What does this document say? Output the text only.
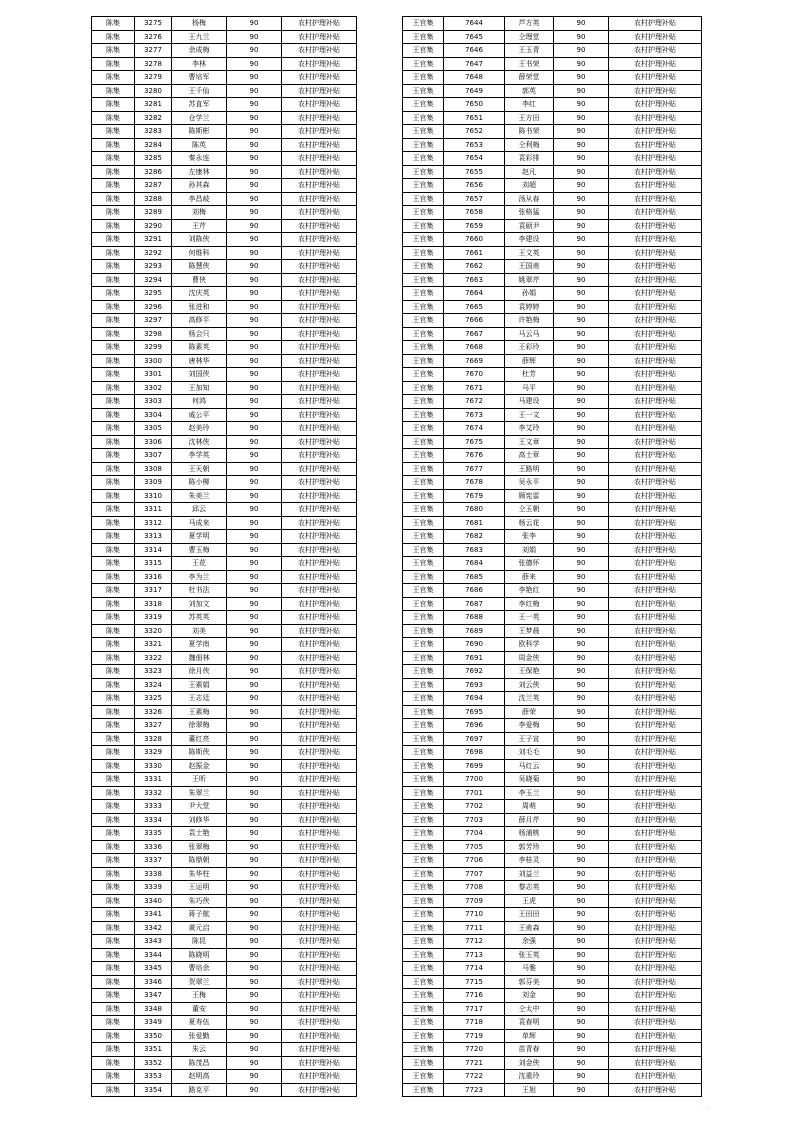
陈集	3275	杨梅	90	农村护理补贴
陈集	3276	王九兰	90	农村护理补贴
陈集	3277	余成梅	90	农村护理补贴
陈集	3278	李林	90	农村护理补贴
陈集	3279	曹培军	90	农村护理补贴
陈集	3280	王千仙	90	农村护理补贴
陈集	3281	苏直军	90	农村护理补贴
陈集	3282	仓学兰	90	农村护理补贴
陈集	3283	陈斯彬	90	农村护理补贴
陈集	3284	陈英	90	农村护理补贴
陈集	3285	秦永连	90	农村护理补贴
陈集	3286	左康林	90	农村护理补贴
陈集	3287	孙其森	90	农村护理补贴
陈集	3288	李昌岐	90	农村护理补贴
陈集	3289	刘梅	90	农村护理补贴
陈集	3290	王芹	90	农村护理补贴
陈集	3291	刘陈侠	90	农村护理补贴
陈集	3292	何维科	90	农村护理补贴
陈集	3293	陈慧侠	90	农村护理补贴
陈集	3294	曹侠	90	农村护理补贴
陈集	3295	沈庆英	90	农村护理补贴
陈集	3296	张进和	90	农村护理补贴
陈集	3297	高修平	90	农村护理补贴
陈集	3298	杨会只	90	农村护理补贴
陈集	3299	陈素英	90	农村护理补贴
陈集	3300	唐林华	90	农村护理补贴
陈集	3301	刘国侠	90	农村护理补贴
陈集	3302	王加知	90	农村护理补贴
陈集	3303	何鸿	90	农村护理补贴
陈集	3304	戚公平	90	农村护理补贴
陈集	3305	赵美玲	90	农村护理补贴
陈集	3306	沈林侠	90	农村护理补贴
陈集	3307	李学英	90	农村护理补贴
陈集	3308	王天朝	90	农村护理补贴
陈集	3309	陈小柳	90	农村护理补贴
陈集	3310	朱美兰	90	农村护理补贴
陈集	3311	邱云	90	农村护理补贴
陈集	3312	马成来	90	农村护理补贴
陈集	3313	夏学明	90	农村护理补贴
陈集	3314	曹玉梅	90	农村护理补贴
陈集	3315	王花	90	农村护理补贴
陈集	3316	李为兰	90	农村护理补贴
陈集	3317	杜书法	90	农村护理补贴
陈集	3318	刘加文	90	农村护理补贴
陈集	3319	苏英英	90	农村护理补贴
陈集	3320	刘美	90	农村护理补贴
陈集	3321	夏学南	90	农村护理补贴
陈集	3322	魏佃林	90	农村护理补贴
陈集	3323	徐月侠	90	农村护理补贴
陈集	3324	王素娟	90	农村护理补贴
陈集	3325	王志廷	90	农村护理补贴
陈集	3326	王素梅	90	农村护理补贴
陈集	3327	徐翠梅	90	农村护理补贴
陈集	3328	董红亮	90	农村护理补贴
陈集	3329	陈斯侠	90	农村护理补贴
陈集	3330	赵振金	90	农村护理补贴
陈集	3331	王昕	90	农村护理补贴
陈集	3332	朱翠兰	90	农村护理补贴
陈集	3333	尹大堂	90	农村护理补贴
陈集	3334	刘修华	90	农村护理补贴
陈集	3335	袁士艳	90	农村护理补贴
陈集	3336	张翠梅	90	农村护理补贴
陈集	3337	陈鼎朝	90	农村护理补贴
陈集	3338	朱华柱	90	农村护理补贴
陈集	3339	王运明	90	农村护理补贴
陈集	3340	朱巧侠	90	农村护理补贴
陈集	3341	蒋子航	90	农村护理补贴
陈集	3342	黄元启	90	农村护理补贴
陈集	3343	陈昆	90	农村护理补贴
陈集	3344	陈晓明	90	农村护理补贴
陈集	3345	曹培余	90	农村护理补贴
陈集	3346	贺翠兰	90	农村护理补贴
陈集	3347	王梅	90	农村护理补贴
陈集	3348	董安	90	农村护理补贴
陈集	3349	夏寿伍	90	农村护理补贴
陈集	3350	张爱勤	90	农村护理补贴
陈集	3351	朱云	90	农村护理补贴
陈集	3352	陈茂昌	90	农村护理补贴
陈集	3353	赵明高	90	农村护理补贴
陈集	3354	路克平	90	农村护理补贴
王官集	7644	芦方英	90	农村护理补贴
王官集	7645	仝理堂	90	农村护理补贴
王官集	7646	王玉青	90	农村护理补贴
王官集	7647	王书荣	90	农村护理补贴
王官集	7648	薛荣堂	90	农村护理补贴
王官集	7649	郭英	90	农村护理补贴
王官集	7650	李红	90	农村护理补贴
王官集	7651	王方田	90	农村护理补贴
王官集	7652	陈书荣	90	农村护理补贴
王官集	7653	仝利梅	90	农村护理补贴
王官集	7654	袁彩排	90	农村护理补贴
王官集	7655	赵凡	90	农村护理补贴
王官集	7656	刘超	90	农村护理补贴
王官集	7657	汤从春	90	农村护理补贴
王官集	7658	张格猛	90	农村护理补贴
王官集	7659	袁硕尹	90	农村护理补贴
王官集	7660	李建设	90	农村护理补贴
王官集	7661	王文英	90	农村护理补贴
王官集	7662	王国甫	90	农村护理补贴
王官集	7663	姚翠芹	90	农村护理补贴
王官集	7664	孙娟	90	农村护理补贴
王官集	7665	袁婷婷	90	农村护理补贴
王官集	7666	许艳梅	90	农村护理补贴
王官集	7667	马云马	90	农村护理补贴
王官集	7668	王彩玲	90	农村护理补贴
王官集	7669	薛辉	90	农村护理补贴
王官集	7670	杜芳	90	农村护理补贴
王官集	7671	马平	90	农村护理补贴
王官集	7672	马建设	90	农村护理补贴
王官集	7673	王一文	90	农村护理补贴
王官集	7674	李艾玲	90	农村护理补贴
王官集	7675	王文章	90	农村护理补贴
王官集	7676	高士章	90	农村护理补贴
王官集	7677	王路明	90	农村护理补贴
王官集	7678	吴永平	90	农村护理补贴
王官集	7679	顾宪雷	90	农村护理补贴
王官集	7680	仝玉朝	90	农村护理补贴
王官集	7681	杨云花	90	农村护理补贴
王官集	7682	张李	90	农村护理补贴
王官集	7683	刘娟	90	农村护理补贴
王官集	7684	张德怀	90	农村护理补贴
王官集	7685	薛来	90	农村护理补贴
王官集	7686	李艳红	90	农村护理补贴
王官集	7687	李红梅	90	农村护理补贴
王官集	7688	王一英	90	农村护理补贴
王官集	7689	王梦晨	90	农村护理补贴
王官集	7690	欧科学	90	农村护理补贴
王官集	7691	周金侠	90	农村护理补贴
王官集	7692	王保艳	90	农村护理补贴
王官集	7693	刘云侠	90	农村护理补贴
王官集	7694	沈兰英	90	农村护理补贴
王官集	7695	薛荣	90	农村护理补贴
王官集	7696	李爱梅	90	农村护理补贴
王官集	7697	王子宣	90	农村护理补贴
王官集	7698	刘毛毛	90	农村护理补贴
王官集	7699	马红云	90	农村护理补贴
王官集	7700	吴晓菊	90	农村护理补贴
王官集	7701	李玉兰	90	农村护理补贴
王官集	7702	周萌	90	农村护理补贴
王官集	7703	薛月芹	90	农村护理补贴
王官集	7704	杨浦桃	90	农村护理补贴
王官集	7705	郭芳珍	90	农村护理补贴
王官集	7706	李桂灵	90	农村护理补贴
王官集	7707	刘益兰	90	农村护理补贴
王官集	7708	黎志英	90	农村护理补贴
王官集	7709	王虎	90	农村护理补贴
王官集	7710	王田田	90	农村护理补贴
王官集	7711	王甫森	90	农村护理补贴
王官集	7712	余强	90	农村护理补贴
王官集	7713	张玉英	90	农村护理补贴
王官集	7714	马雅	90	农村护理补贴
王官集	7715	郭芬美	90	农村护理补贴
王官集	7716	刘金	90	农村护理补贴
王官集	7717	仝太中	90	农村护理补贴
王官集	7718	袁春明	90	农村护理补贴
王官集	7719	单辉	90	农村护理补贴
王官集	7720	苗青春	90	农村护理补贴
王官集	7721	刘金侠	90	农村护理补贴
王官集	7722	沈重玲	90	农村护理补贴
王官集	7723	王旭	90	农村护理补贴
. .
